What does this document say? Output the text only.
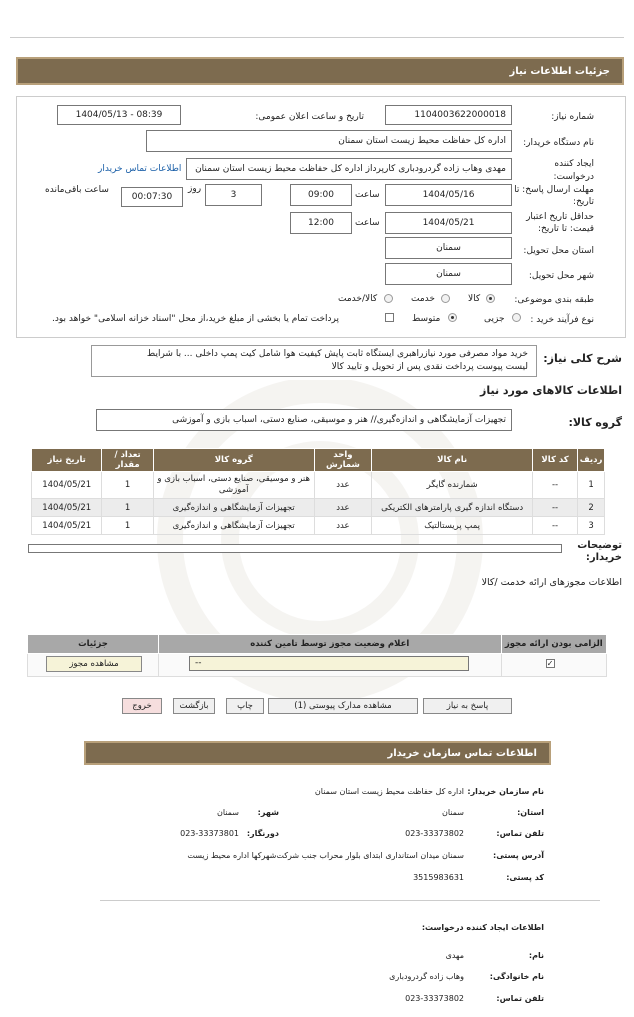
جزئیات اطلاعات نیاز
شماره نیاز:
1104003622000018
تاریخ و ساعت اعلان عمومی:
1404/05/13 - 08:39
نام دستگاه خریدار:
اداره کل حفاظت محیط زیست استان سمنان
ایجاد کننده درخواست:
مهدی وهاب زاده گردرودباری کارپرداز اداره کل حفاظت محیط زیست استان سمنان
اطلاعات تماس خریدار
مهلت ارسال پاسخ: تا تاریخ:
1404/05/16
ساعت
09:00
3
روز
00:07:30
ساعت باقی‌مانده
حداقل تاریخ اعتبار قیمت: تا تاریخ:
1404/05/21
ساعت
12:00
استان محل تحویل:
سمنان
شهر محل تحویل:
سمنان
طبقه بندی موضوعی:
کالا
خدمت
کالا/خدمت
نوع فرآیند خرید :
جزیی
متوسط
پرداخت تمام یا بخشی از مبلغ خرید،از محل "اسناد خزانه اسلامی" خواهد بود.
شرح کلی نیاز:
خرید مواد مصرفی مورد نیازراهبری ایستگاه ثابت پایش کیفیت هوا شامل کیت پمپ داخلی ... با شرایط
لیست پیوست پرداخت نقدی پس از تحویل و تایید کالا
اطلاعات کالاهای مورد نیاز
گروه کالا:
تجهیزات آزمایشگاهی و اندازه‌گیری// هنر و موسیقی، صنایع دستی، اسباب بازی و آموزشی
ردیف	کد کالا	نام کالا	واحد شمارش	گروه کالا	تعداد / مقدار	تاریخ نیاز
1	--	شمارنده گایگر	عدد	هنر و موسیقی، صنایع دستی، اسباب بازی و آموزشی	1	1404/05/21
2	--	دستگاه اندازه گیری پارامترهای الکتریکی	عدد	تجهیزات آزمایشگاهی و اندازه‌گیری	1	1404/05/21
3	--	پمپ پریستالتیک	عدد	تجهیزات آزمایشگاهی و اندازه‌گیری	1	1404/05/21
توضیحات خریدار:
اطلاعات مجوزهای ارائه خدمت /کالا
الزامی بودن ارائه مجوز	اعلام وضعیت مجوز توسط تامین کننده	جزئیات

✓	--	مشاهده مجوز
پاسخ به نیاز
مشاهده مدارک پیوستی (1)
چاپ
بازگشت
خروج
اطلاعات تماس سازمان خریدار
نام سازمان خریدار:
اداره کل حفاظت محیط زیست استان سمنان
استان:
سمنان
شهر:
سمنان
تلفن تماس:
023-33373802
دورنگار:
023-33373801
آدرس پستی:
سمنان میدان استانداری ابتدای بلوار محراب جنب شرکت‌شهرکها اداره محیط زیست
کد پستی:
3515983631
اطلاعات ایجاد کننده درخواست:
نام:
مهدی
نام خانوادگی:
وهاب زاده گردرودباری
تلفن تماس:
023-33373802
